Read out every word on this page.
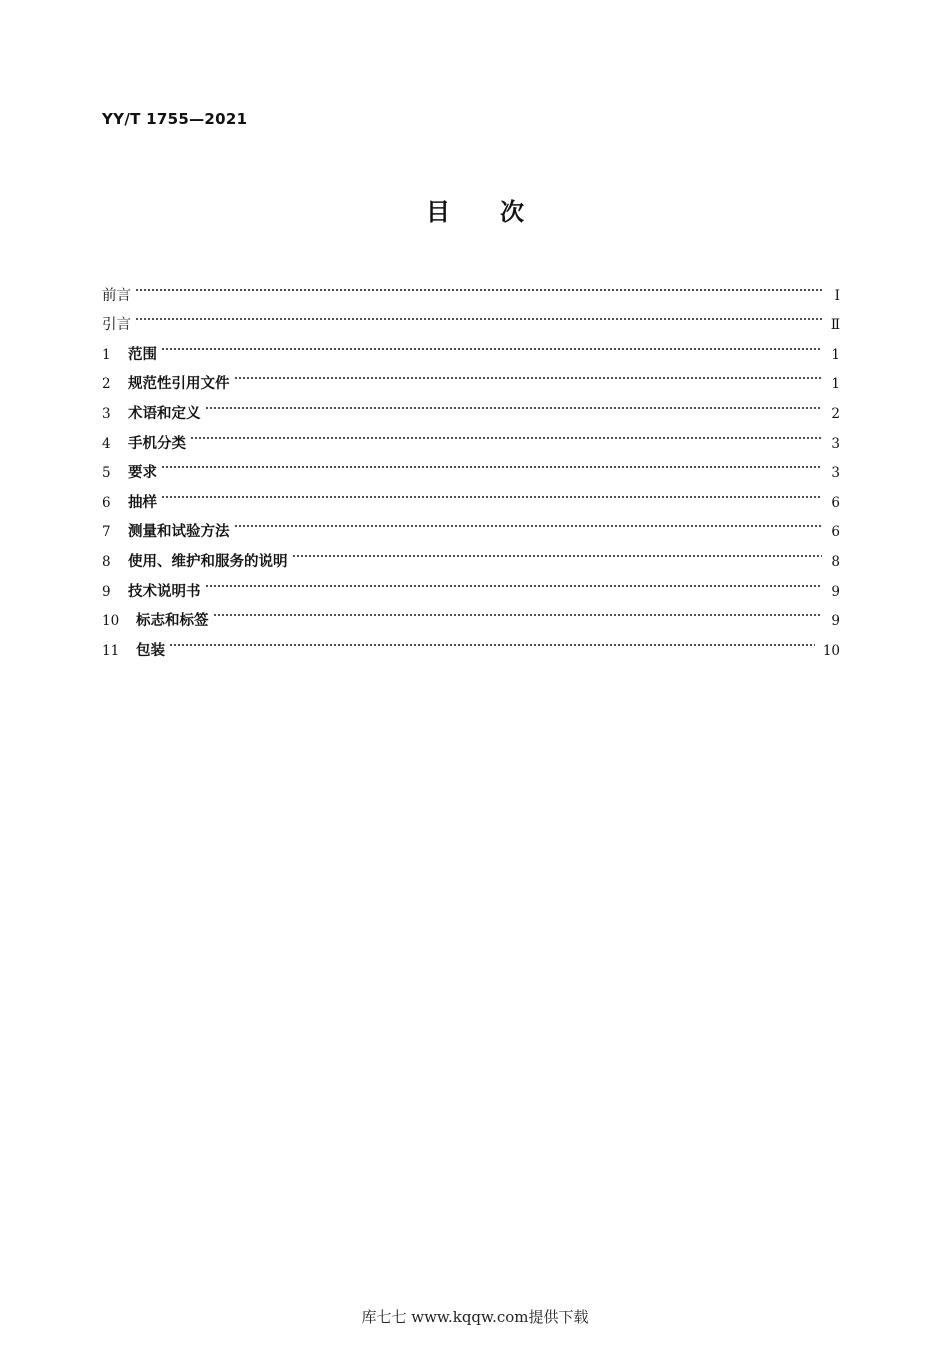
YY/T 1755—2021
目 次
前言	Ⅰ
引言	Ⅱ
1	范围	1
2	规范性引用文件	1
3	术语和定义	2
4	手机分类	3
5	要求	3
6	抽样	6
7	测量和试验方法	6
8	使用、维护和服务的说明	8
9	技术说明书	9
10	标志和标签	9
11	包装	10
库七七 www.kqqw.com提供下载
